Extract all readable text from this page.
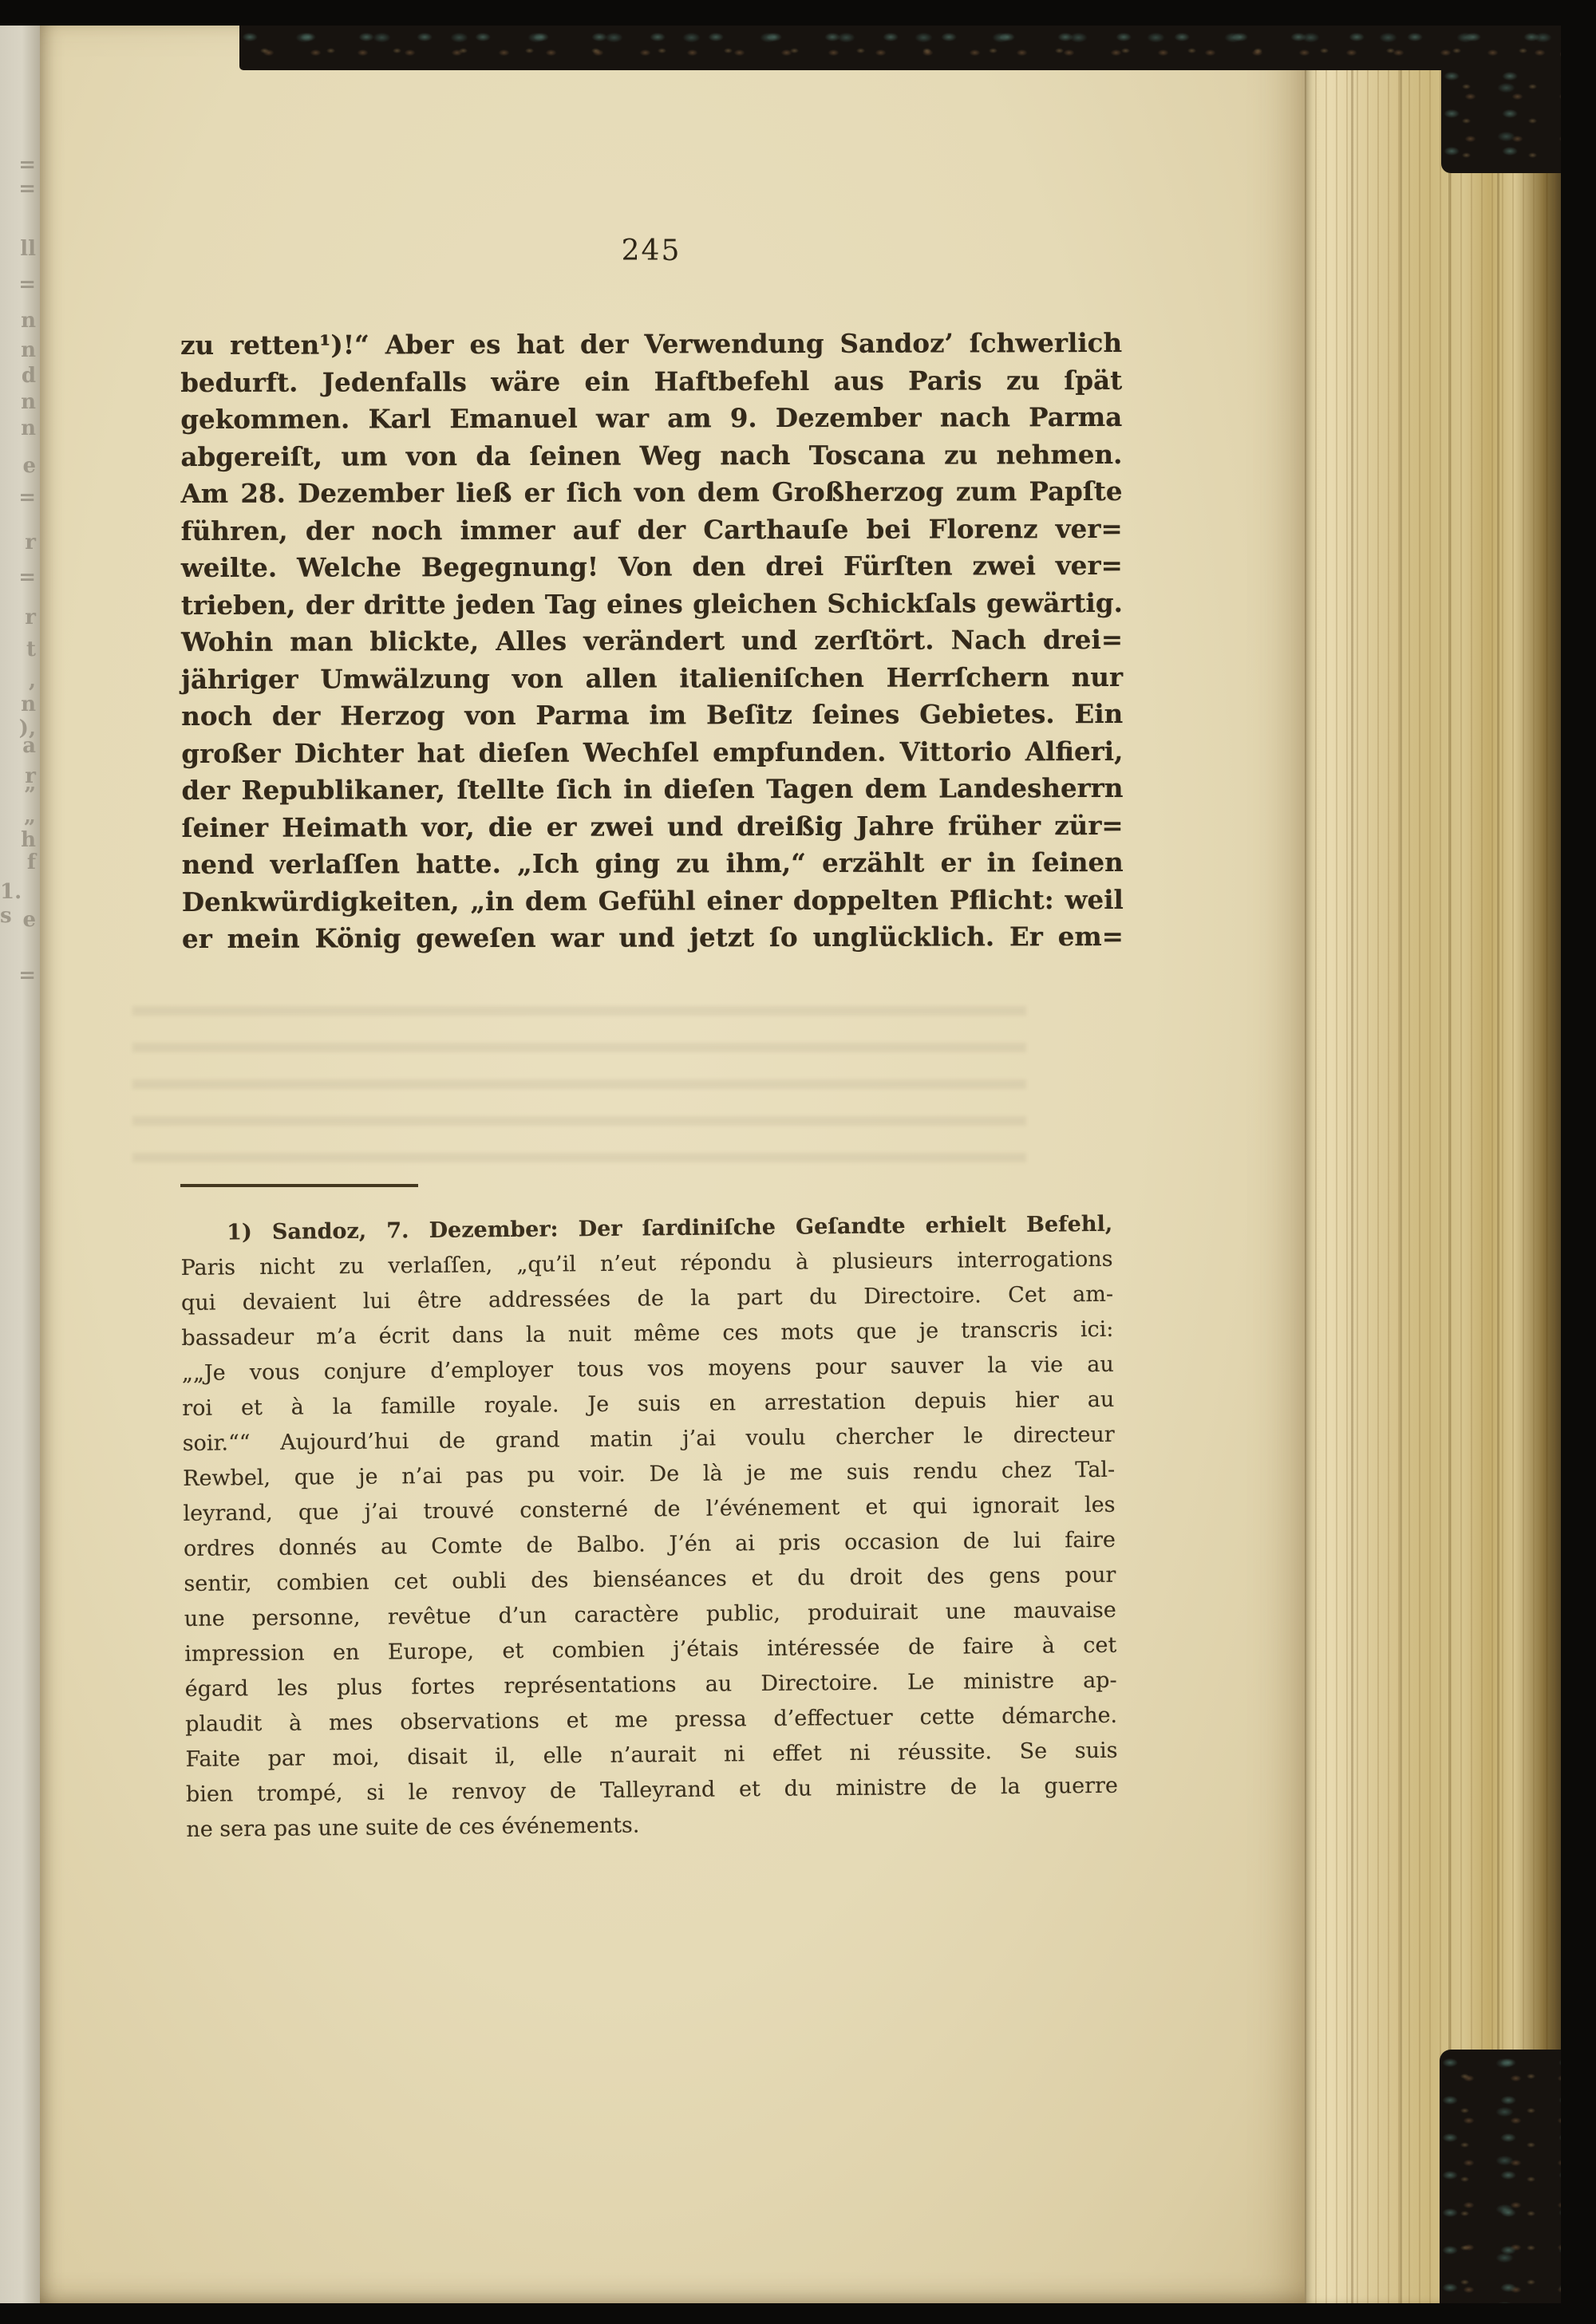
=
=
ll
=
n
n
d
n
n
e
=
r
=
r
t
,
n
),
a
r
”
„
h
f
1. s e
=
245
zu retten¹)!“ Aber es hat der Verwendung Sandoz’ ſchwerlich
bedurft. Jedenfalls wäre ein Haftbefehl aus Paris zu ſpät
gekommen. Karl Emanuel war am 9. Dezember nach Parma
abgereiſt, um von da ſeinen Weg nach Toscana zu nehmen.
Am 28. Dezember ließ er ſich von dem Großherzog zum Papſte
führen, der noch immer auf der Carthauſe bei Florenz ver=
weilte. Welche Begegnung! Von den drei Fürſten zwei ver=
trieben, der dritte jeden Tag eines gleichen Schickſals gewärtig.
Wohin man blickte, Alles verändert und zerſtört. Nach drei=
jähriger Umwälzung von allen italieniſchen Herrſchern nur
noch der Herzog von Parma im Beſitz ſeines Gebietes. Ein
großer Dichter hat dieſen Wechſel empfunden. Vittorio Alfieri,
der Republikaner, ſtellte ſich in dieſen Tagen dem Landesherrn
ſeiner Heimath vor, die er zwei und dreißig Jahre früher zür=
nend verlaſſen hatte. „Ich ging zu ihm,“ erzählt er in ſeinen
Denkwürdigkeiten, „in dem Gefühl einer doppelten Pflicht: weil
er mein König geweſen war und jetzt ſo unglücklich. Er em=
1) Sandoz, 7. Dezember: Der ſardiniſche Geſandte erhielt Befehl,
Paris nicht zu verlaſſen, „qu’il n’eut répondu à plusieurs interrogations
qui devaient lui être addressées de la part du Directoire. Cet am-
bassadeur m’a écrit dans la nuit même ces mots que je transcris ici:
„„Je vous conjure d’employer tous vos moyens pour sauver la vie au
roi et à la famille royale. Je suis en arrestation depuis hier au
soir.““ Aujourd’hui de grand matin j’ai voulu chercher le directeur
Rewbel, que je n’ai pas pu voir. De là je me suis rendu chez Tal-
leyrand, que j’ai trouvé consterné de l’événement et qui ignorait les
ordres donnés au Comte de Balbo. J’én ai pris occasion de lui faire
sentir, combien cet oubli des bienséances et du droit des gens pour
une personne, revêtue d’un caractère public, produirait une mauvaise
impression en Europe, et combien j’étais intéressée de faire à cet
égard les plus fortes représentations au Directoire. Le ministre ap-
plaudit à mes observations et me pressa d’effectuer cette démarche.
Faite par moi, disait il, elle n’aurait ni effet ni réussite. Se suis
bien trompé, si le renvoy de Talleyrand et du ministre de la guerre
ne sera pas une suite de ces événements.
